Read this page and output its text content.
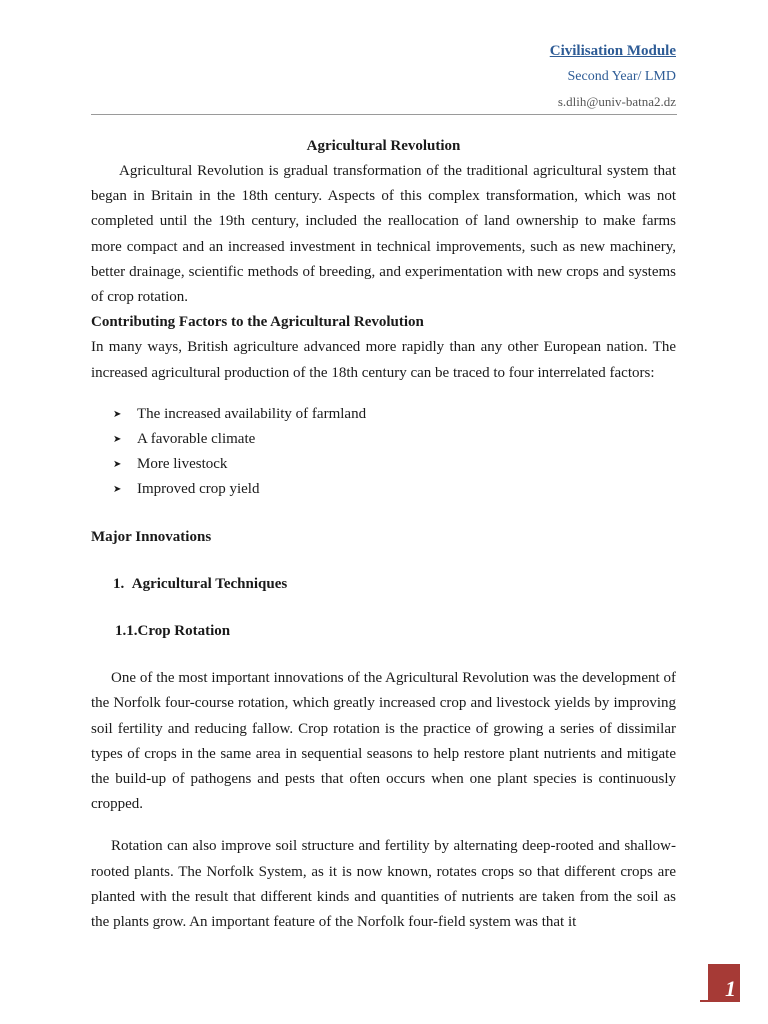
Civilisation Module
Second Year/ LMD
s.dlih@univ-batna2.dz
Agricultural Revolution

Agricultural Revolution is gradual transformation of the traditional agricultural system that began in Britain in the 18th century. Aspects of this complex transformation, which was not completed until the 19th century, included the reallocation of land ownership to make farms more compact and an increased investment in technical improvements, such as new machinery, better drainage, scientific methods of breeding, and experimentation with new crops and systems of crop rotation.

Contributing Factors to the Agricultural Revolution

In many ways, British agriculture advanced more rapidly than any other European nation. The increased agricultural production of the 18th century can be traced to four interrelated factors:

➤ The increased availability of farmland
➤ A favorable climate
➤ More livestock
➤ Improved crop yield
Major Innovations
1.  Agricultural Techniques
1.1.Crop Rotation

One of the most important innovations of the Agricultural Revolution was the development of the Norfolk four-course rotation, which greatly increased crop and livestock yields by improving soil fertility and reducing fallow. Crop rotation is the practice of growing a series of dissimilar types of crops in the same area in sequential seasons to help restore plant nutrients and mitigate the build-up of pathogens and pests that often occurs when one plant species is continuously cropped.

Rotation can also improve soil structure and fertility by alternating deep-rooted and shallow-rooted plants. The Norfolk System, as it is now known, rotates crops so that different crops are planted with the result that different kinds and quantities of nutrients are taken from the soil as the plants grow. An important feature of the Norfolk four-field system was that it

1
